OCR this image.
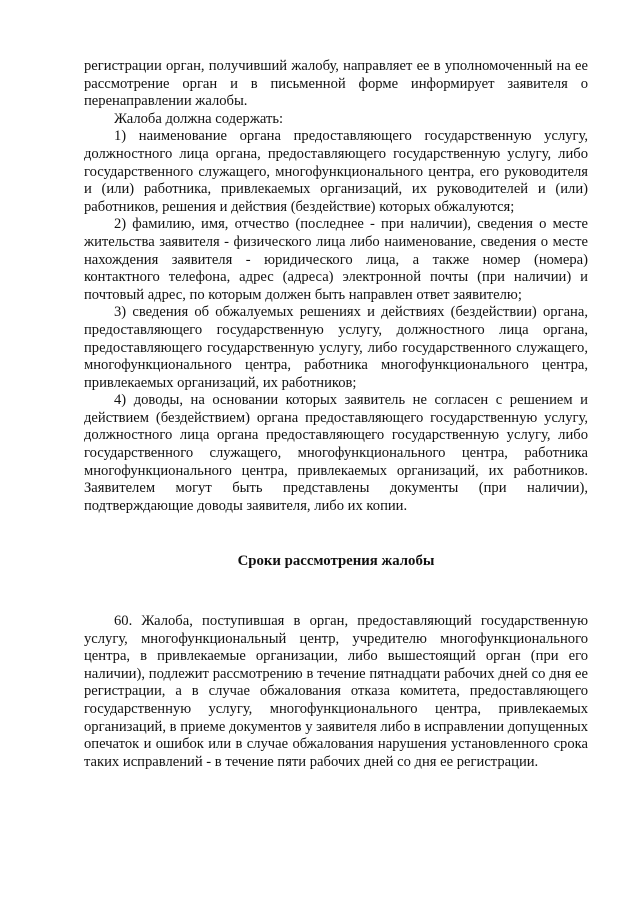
регистрации орган, получивший жалобу, направляет ее в уполномоченный на ее рассмотрение орган и в письменной форме информирует заявителя о перенаправлении жалобы.

Жалоба должна содержать:

1) наименование органа предоставляющего государственную услугу, должностного лица органа, предоставляющего государственную услугу, либо государственного служащего, многофункционального центра, его руководителя и (или) работника, привлекаемых организаций, их руководителей и (или) работников, решения и действия (бездействие) которых обжалуются;

2) фамилию, имя, отчество (последнее - при наличии), сведения о месте жительства заявителя - физического лица либо наименование, сведения о месте нахождения заявителя - юридического лица, а также номер (номера) контактного телефона, адрес (адреса) электронной почты (при наличии) и почтовый адрес, по которым должен быть направлен ответ заявителю;

3) сведения об обжалуемых решениях и действиях (бездействии) органа, предоставляющего государственную услугу, должностного лица органа, предоставляющего государственную услугу, либо государственного служащего, многофункционального центра, работника многофункционального центра, привлекаемых организаций, их работников;

4) доводы, на основании которых заявитель не согласен с решением и действием (бездействием) органа предоставляющего государственную услугу, должностного лица органа предоставляющего государственную услугу, либо государственного служащего, многофункционального центра, работника многофункционального центра, привлекаемых организаций, их работников. Заявителем могут быть представлены документы (при наличии), подтверждающие доводы заявителя, либо их копии.

Сроки рассмотрения жалобы

60. Жалоба, поступившая в орган, предоставляющий государственную услугу, многофункциональный центр, учредителю многофункционального центра, в привлекаемые организации, либо вышестоящий орган (при его наличии), подлежит рассмотрению в течение пятнадцати рабочих дней со дня ее регистрации, а в случае обжалования отказа комитета, предоставляющего государственную услугу, многофункционального центра, привлекаемых организаций, в приеме документов у заявителя либо в исправлении допущенных опечаток и ошибок или в случае обжалования нарушения установленного срока таких исправлений - в течение пяти рабочих дней со дня ее регистрации.
